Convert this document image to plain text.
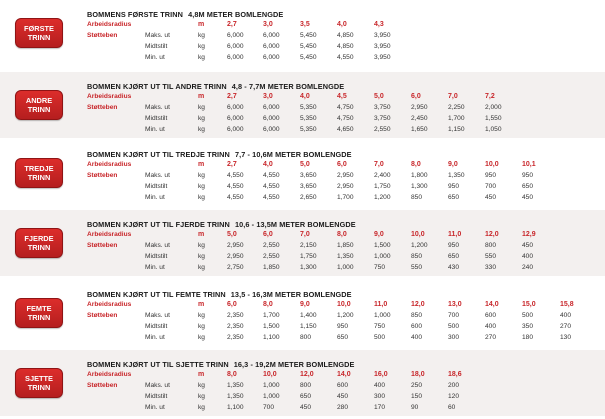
FØRSTE
TRINN
BOMMENS FØRSTE TRINN 4,8M METER BOMLENGDE
Arbeidsradius	m	2,7	3,0	3,5	4,0	4,3
Støtteben	Maks. ut	kg	6,000	6,000	5,450	4,850	3,950
Midtstilt	kg	6,000	6,000	5,450	4,850	3,950
Min. ut	kg	6,000	6,000	5,450	4,550	3,950
ANDRE
TRINN
BOMMEN KJØRT UT TIL ANDRE TRINN 4,8 - 7,7M METER BOMLENGDE
Arbeidsradius	m	2,7	3,0	4,0	4,5	5,0	6,0	7,0	7,2
Støtteben	Maks. ut	kg	6,000	6,000	5,350	4,750	3,750	2,950	2,250	2,000
Midtstilt	kg	6,000	6,000	5,350	4,750	3,750	2,450	1,700	1,550
Min. ut	kg	6,000	6,000	5,350	4,650	2,550	1,650	1,150	1,050
TREDJE
TRINN
BOMMEN KJØRT UT TIL TREDJE TRINN 7,7 - 10,6M METER BOMLENGDE
Arbeidsradius	m	2,7	4,0	5,0	6,0	7,0	8,0	9,0	10,0	10,1
Støtteben	Maks. ut	kg	4,550	4,550	3,650	2,950	2,400	1,800	1,350	950	950
Midtstilt	kg	4,550	4,550	3,650	2,950	1,750	1,300	950	700	650
Min. ut	kg	4,550	4,550	2,650	1,700	1,200	850	650	450	450
FJERDE
TRINN
BOMMEN KJØRT UT TIL FJERDE TRINN 10,6 - 13,5M METER BOMLENGDE
Arbeidsradius	m	5,0	6,0	7,0	8,0	9,0	10,0	11,0	12,0	12,9
Støtteben	Maks. ut	kg	2,950	2,550	2,150	1,850	1,500	1,200	950	800	450
Midtstilt	kg	2,950	2,550	1,750	1,350	1,000	850	650	550	400
Min. ut	kg	2,750	1,850	1,300	1,000	750	550	430	330	240
FEMTE
TRINN
BOMMEN KJØRT UT TIL FEMTE TRINN 13,5 - 16,3M METER BOMLENGDE
Arbeidsradius	m	6,0	8,0	9,0	10,0	11,0	12,0	13,0	14,0	15,0	15,8
Støtteben	Maks. ut	kg	2,350	1,700	1,400	1,200	1,000	850	700	600	500	400
Midtstilt	kg	2,350	1,500	1,150	950	750	600	500	400	350	270
Min. ut	kg	2,350	1,100	800	650	500	400	300	270	180	130
SJETTE
TRINN
BOMMEN KJØRT UT TIL SJETTE TRINN 16,3 - 19,2M METER BOMLENGDE
Arbeidsradius	m	8,0	10,0	12,0	14,0	16,0	18,0	18,6
Støtteben	Maks. ut	kg	1,350	1,000	800	600	400	250	200
Midtstilt	kg	1,350	1,000	650	450	300	150	120
Min. ut	kg	1,100	700	450	280	170	90	60
